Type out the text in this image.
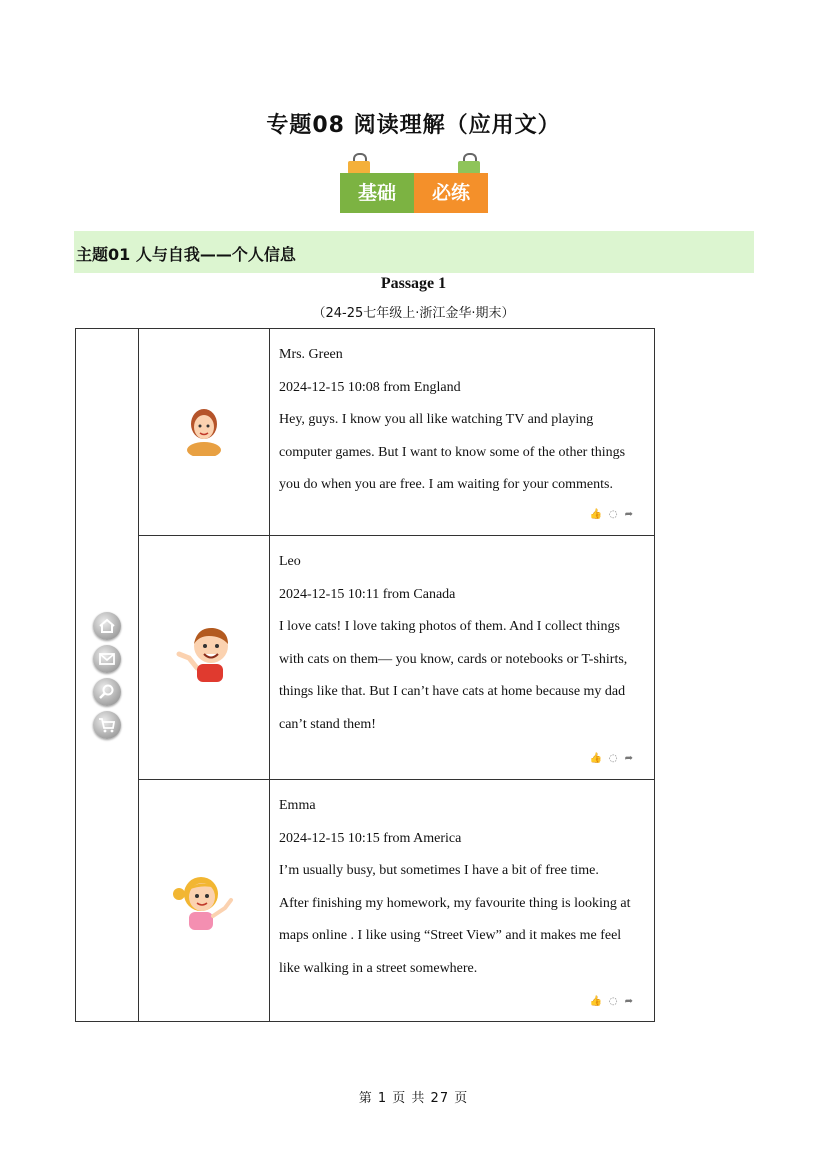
专题08 阅读理解（应用文）
基础	必练
主题01 人与自我——个人信息
Passage 1
（24-25七年级上·浙江金华·期末）
Mrs. Green
2024-12-15 10:08 from England
Hey, guys. I know you all like watching TV and playing
computer games. But I want to know some of the other things
you do when you are free. I am waiting for your comments.
👍◌➦
Leo
2024-12-15 10:11 from Canada
I love cats! I love taking photos of them. And I collect things
with cats on them— you know, cards or notebooks or T-shirts,
things like that. But I can’t have cats at home because my dad
can’t stand them!
👍◌➦
Emma
2024-12-15 10:15 from America
I’m usually busy, but sometimes I have a bit of free time.
After finishing my homework, my favourite thing is looking at
maps online . I like using “Street View” and it makes me feel
like walking in a street somewhere.
👍◌➦
第 1 页 共 27 页
